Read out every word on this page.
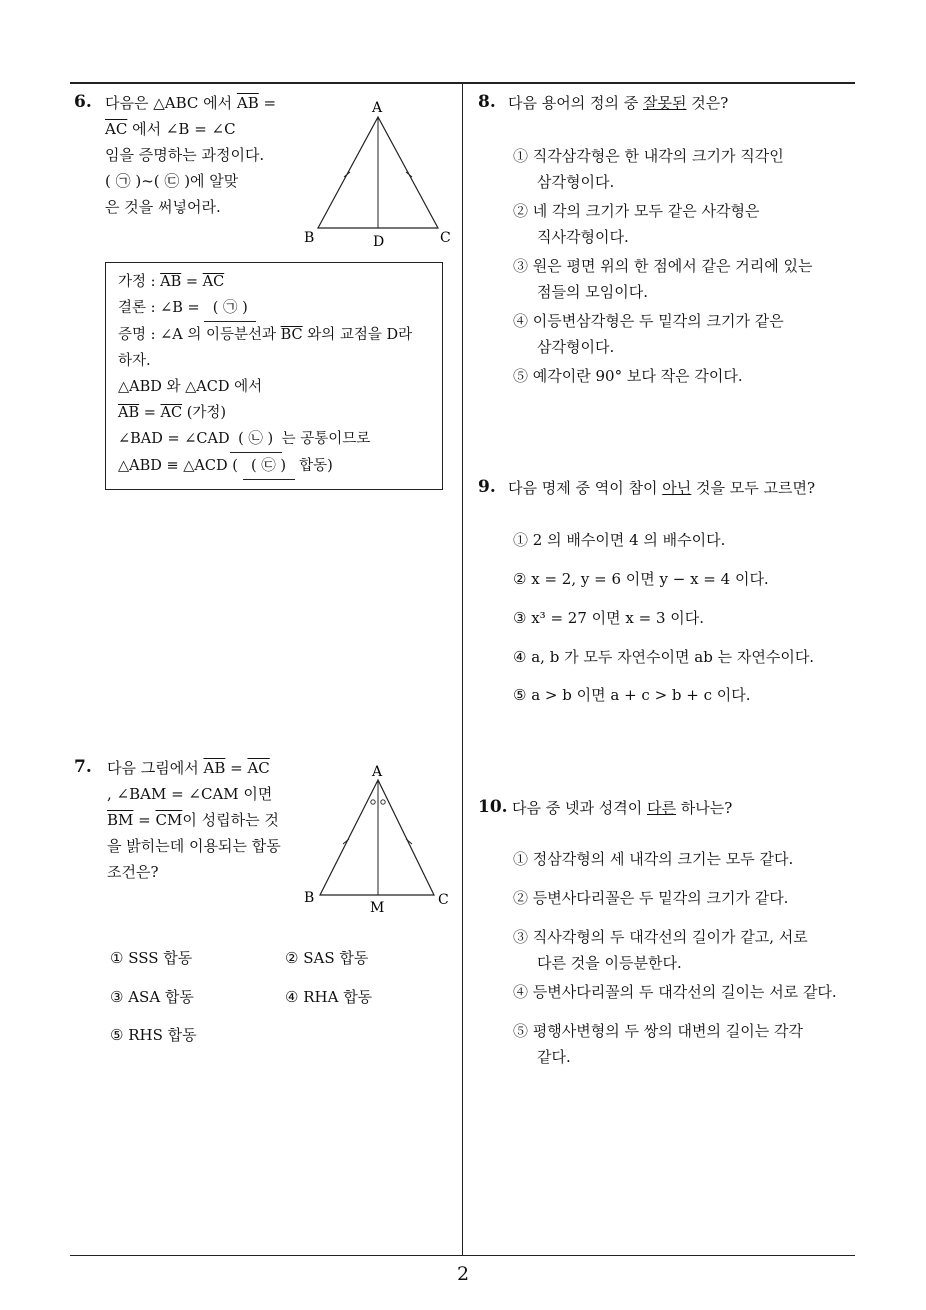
2
6. 다음은 △ABC 에서 $\overline{AB}$ =
$\overline{AC}$ 에서 ∠B = ∠C
임을 증명하는 과정이다.
( ㉠ )~( ㉢ )에 알맞
은 것을 써넣어라.
A
B	C
D
가정 : $\overline{AB} = \overline{AC}$
결론 : ∠B = ( ㉠ )
증명 : ∠A 의 이등분선과 $\overline{BC}$ 와의 교점을 D라
하자.
△ABD 와 △ACD 에서
$\overline{AB} = \overline{AC}$ (가정)
∠BAD = ∠CAD ( ㉡ ) 는 공통이므로
△ABD ≡ △ACD ( ( ㉢ ) 합동)
7. 다음 그림에서 $\overline{AB} = \overline{AC}$
, ∠BAM = ∠CAM 이면
$\overline{BM} = \overline{CM}$이 성립하는 것
을 밝히는데 이용되는 합동
조건은?
A
B	C
M
① SSS 합동	② SAS 합동
③ ASA 합동	④ RHA 합동
⑤ RHS 합동
8. 다음 용어의 정의 중 잘못된 것은?
① 직각삼각형은 한 내각의 크기가 직각인
삼각형이다.
② 네 각의 크기가 모두 같은 사각형은
직사각형이다.
③ 원은 평면 위의 한 점에서 같은 거리에 있는
점들의 모임이다.
④ 이등변삼각형은 두 밑각의 크기가 같은
삼각형이다.
⑤ 예각이란 90° 보다 작은 각이다.
9. 다음 명제 중 역이 참이 아닌 것을 모두 고르면?
① 2 의 배수이면 4 의 배수이다.
② x = 2, y = 6 이면 y − x = 4 이다.
③ x³ = 27 이면 x = 3 이다.
④ a, b 가 모두 자연수이면 ab 는 자연수이다.
⑤ a > b 이면 a + c > b + c 이다.
10. 다음 중 넷과 성격이 다른 하나는?
① 정삼각형의 세 내각의 크기는 모두 같다.
② 등변사다리꼴은 두 밑각의 크기가 같다.
③ 직사각형의 두 대각선의 길이가 같고, 서로
다른 것을 이등분한다.
④ 등변사다리꼴의 두 대각선의 길이는 서로 같다.
⑤ 평행사변형의 두 쌍의 대변의 길이는 각각
같다.
